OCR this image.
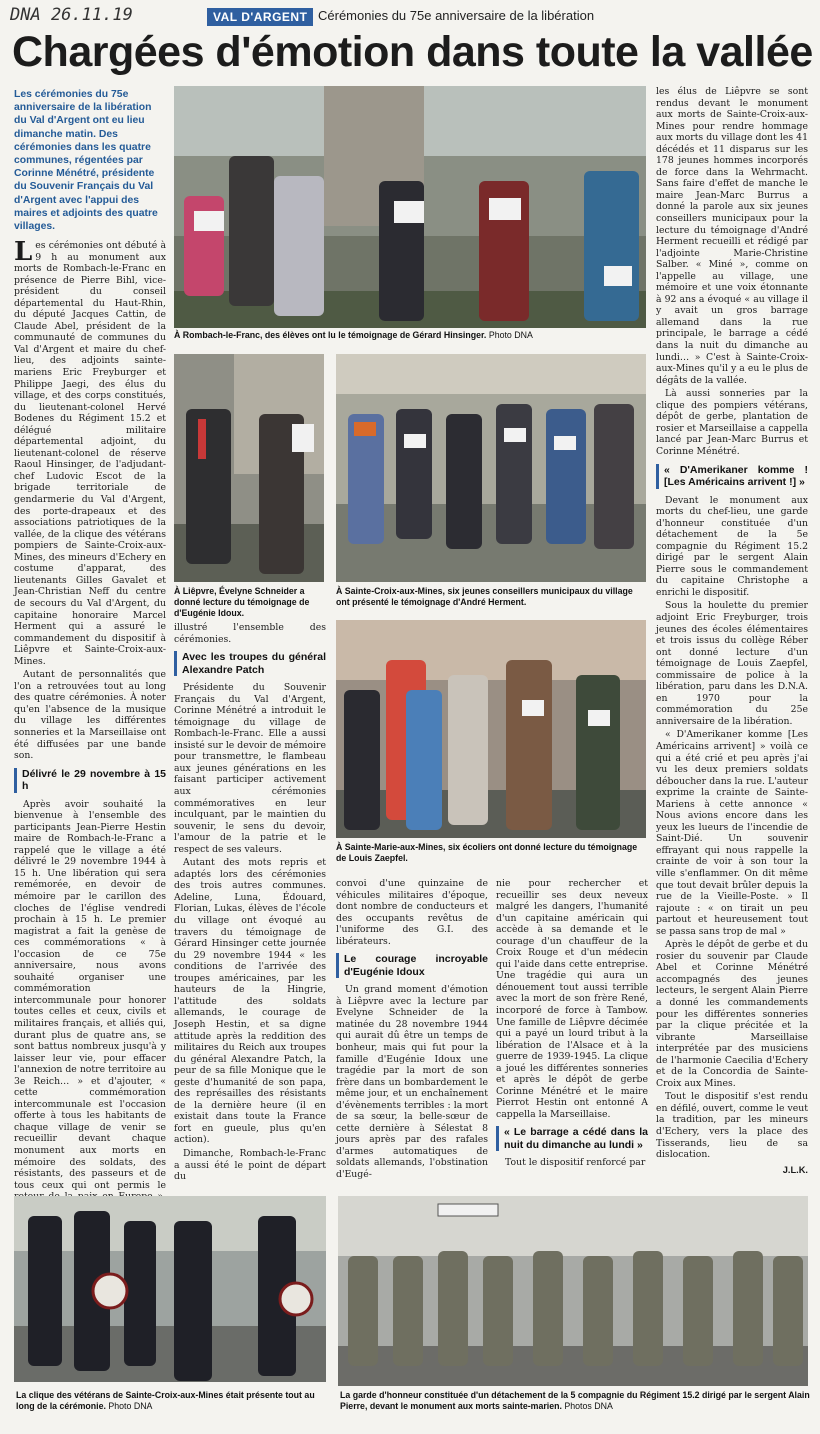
DNA 26.11.19	VAL D'ARGENT Cérémonies du 75e anniversaire de la libération
Chargées d'émotion dans toute la vallée
Les cérémonies du 75e anniversaire de la libération du Val d'Argent ont eu lieu dimanche matin. Des cérémonies dans les quatre communes, régentées par Corinne Ménétré, présidente du Souvenir Français du Val d'Argent avec l'appui des maires et adjoints des quatre villages.

Les cérémonies ont débuté à 9 h au monument aux morts de Rombach-le-Franc en présence de Pierre Bihl, vice-président du conseil départemental du Haut-Rhin, du député Jacques Cattin, de Claude Abel, président de la communauté de communes du Val d'Argent et maire du chef-lieu, des adjoints sainte-mariens Eric Freyburger et Philippe Jaegi, des élus du village, et des corps constitués, du lieutenant-colonel Hervé Bodenes du Régiment 15.2 et délégué militaire départemental adjoint, du lieutenant-colonel de réserve Raoul Hinsinger, de l'adjudant-chef Ludovic Escot de la brigade territoriale de gendarmerie du Val d'Argent, des porte-drapeaux et des associations patriotiques de la vallée, de la clique des vétérans pompiers de Sainte-Croix-aux-Mines, des mineurs d'Echery en costume d'apparat, des lieutenants Gilles Gavalet et Jean-Christian Neff du centre de secours du Val d'Argent, du capitaine honoraire Marcel Herment qui a assuré le commandement du dispositif à Liêpvre et Sainte-Croix-aux-Mines.

Autant de personnalités que l'on a retrouvées tout au long des quatre cérémonies. À noter qu'en l'absence de la musique du village les différentes sonneries et la Marseillaise ont été diffusées par une bande son.

Délivré le 29 novembre à 15 h

Après avoir souhaité la bienvenue à l'ensemble des participants Jean-Pierre Hestin maire de Rombach-le-Franc a rappelé que le village a été délivré le 29 novembre 1944 à 15 h. Une libération qui sera remémorée, en devoir de mémoire par le carillon des cloches de l'église vendredi prochain à 15 h. Le premier magistrat a fait la genèse de ces commémorations « à l'occasion de ce 75e anniversaire, nous avons souhaité organiser une commémoration intercommunale pour honorer toutes celles et ceux, civils et militaires français, et alliés qui, durant plus de quatre ans, se sont battus nombreux jusqu'à y laisser leur vie, pour effacer l'annexion de notre territoire au 3e Reich… » et d'ajouter, « cette commémoration intercommunale est l'occasion offerte à tous les habitants de chaque village de venir se recueillir devant chaque monument aux morts en mémoire des soldats, des résistants, des passeurs et de tous ceux qui ont permis le

À Rombach-le-Franc, des élèves ont lu le témoignage de Gérard Hinsinger. Photo DNA
À Liêpvre, Évelyne Schneider a donné lecture du témoignage de d'Eugénie Idoux.
À Sainte-Croix-aux-Mines, six jeunes conseillers municipaux du village ont présenté le témoignage d'André Herment.
À Sainte-Marie-aux-Mines, six écoliers ont donné lecture du témoignage de Louis Zaepfel.

illustré l'ensemble des cérémonies.

Avec les troupes du général Alexandre Patch

Présidente du Souvenir Français du Val d'Argent, Corinne Ménétré a introduit le témoignage du village de Rombach-le-Franc. Elle a aussi insisté sur le devoir de mémoire pour transmettre, le flambeau aux jeunes générations en les faisant participer activement aux cérémonies commémoratives en leur inculquant, par le maintien du souvenir, le sens du devoir, l'amour de la patrie et le respect de ses valeurs.

Autant des mots repris et adaptés lors des cérémonies des trois autres communes. Adeline, Luna, Édouard, Florian, Lukas, élèves de l'école du village ont évoqué au travers du témoignage de Gérard Hinsinger cette journée du 29 novembre 1944 « les conditions de l'arrivée des troupes américaines, par les hauteurs de la Hingrie, l'attitude des soldats allemands, le courage de Joseph Hestin, et sa digne attitude après la reddition des militaires du Reich aux troupes du général Alexandre Patch, la peur de sa fille Monique que le geste d'humanité de son papa, des représailles des résistants de la dernière heure (il en existait dans toute la France fort en gueule, plus qu'en action).

Dimanche, Rombach-le-Franc a aussi été le point de départ du

convoi d'une quinzaine de véhicules militaires d'époque, dont nombre de conducteurs et des occupants revêtus de l'uniforme des G.I. des libérateurs.

Le courage incroyable d'Eugénie Idoux

Un grand moment d'émotion à Liêpvre avec la lecture par Evelyne Schneider de la matinée du 28 novembre 1944 qui aurait dû être un temps de bonheur, mais qui fut pour la famille d'Eugénie Idoux une tragédie par la mort de son frère dans un bombardement le même jour, et un enchaînement d'évènements terribles : la mort de sa sœur, la belle-sœur de cette dernière à Sélestat 8 jours après par des rafales d'armes automatiques de soldats allemands, l'obstination d'Eugé-

nie pour rechercher et recueillir ses deux neveux malgré les dangers, l'humanité d'un capitaine américain qui accède à sa demande et le courage d'un chauffeur de la Croix Rouge et d'un médecin qui l'aide dans cette entreprise. Une tragédie qui aura un dénouement tout aussi terrible avec la mort de son frère René, incorporé de force à Tambow. Une famille de Liêpvre décimée qui a payé un lourd tribut à la libération de l'Alsace et à la guerre de 1939-1945. La clique a joué les différentes sonneries et après le dépôt de gerbe Corinne Ménétré et le maire Pierrot Hestin ont entonné A cappella la Marseillaise.

« Le barrage a cédé dans la nuit du dimanche au lundi »

Tout le dispositif renforcé par

les élus de Liêpvre se sont rendus devant le monument aux morts de Sainte-Croix-aux-Mines pour rendre hommage aux morts du village dont les 41 décédés et 11 disparus sur les 178 jeunes hommes incorporés de force dans la Wehrmacht. Sans faire d'effet de manche le maire Jean-Marc Burrus a donné la parole aux six jeunes conseillers municipaux pour la lecture du témoignage d'André Herment recueilli et rédigé par l'adjointe Marie-Christine Salber. « Miné », comme on l'appelle au village, une mémoire et une voix étonnante à 92 ans a évoqué « au village il y avait un gros barrage allemand dans la rue principale, le barrage a cédé dans la nuit du dimanche au lundi… » C'est à Sainte-Croix-aux-Mines qu'il y a eu le plus de dégâts de la vallée.

Là aussi sonneries par la clique des pompiers vétérans, dépôt de gerbe, plantation de rosier et Marseillaise a cappella lancé par Jean-Marc Burrus et Corinne Ménétré.

« D'Amerikaner komme ! [Les Américains arrivent !] »

Devant le monument aux morts du chef-lieu, une garde d'honneur constituée d'un détachement de la 5e compagnie du Régiment 15.2 dirigé par le sergent Alain Pierre sous le commandement du capitaine Christophe a enrichi le dispositif.

Sous la houlette du premier adjoint Eric Freyburger, trois jeunes des écoles élémentaires et trois issus du collège Réber ont donné lecture d'un témoignage de Louis Zaepfel, commissaire de police à la libération, paru dans les D.N.A. en 1970 pour la commémoration du 25e anniversaire de la libération.

« D'Amerikaner komme [Les Américains arrivent] » voilà ce qui a été crié et peu après j'ai vu les deux premiers soldats déboucher dans la rue. L'auteur exprime la crainte de Sainte-Mariens à cette annonce « Nous avions encore dans les yeux les lueurs de l'incendie de Saint-Dié. Un souvenir effrayant qui nous rappelle la crainte de voir à son tour la ville s'enflammer. On dit même que tout devait brûler depuis la rue de la Vieille-Poste. » Il rajoute : « on tirait un peu partout et heureusement tout se passa sans trop de mal »

Après le dépôt de gerbe et du rosier du souvenir par Claude Abel et Corinne Ménétré accompagnés des jeunes lecteurs, le sergent Alain Pierre a donné les commandements pour les différentes sonneries par la clique précitée et la vibrante Marseillaise interprétée par des musiciens de l'harmonie Caecilia d'Echery et de la Concordia de Sainte-Croix aux Mines.

Tout le dispositif s'est rendu en défilé, ouvert, comme le veut la tradition, par les mineurs d'Echery, vers la place des Tisserands, lieu de sa dislocation.

J.L.K.

La clique des vétérans de Sainte-Croix-aux-Mines était présente tout au long de la cérémonie. Photo DNA
La garde d'honneur constituée d'un détachement de la 5 compagnie du Régiment 15.2 dirigé par le sergent Alain Pierre, devant le monument aux morts sainte-marien. Photos DNA
